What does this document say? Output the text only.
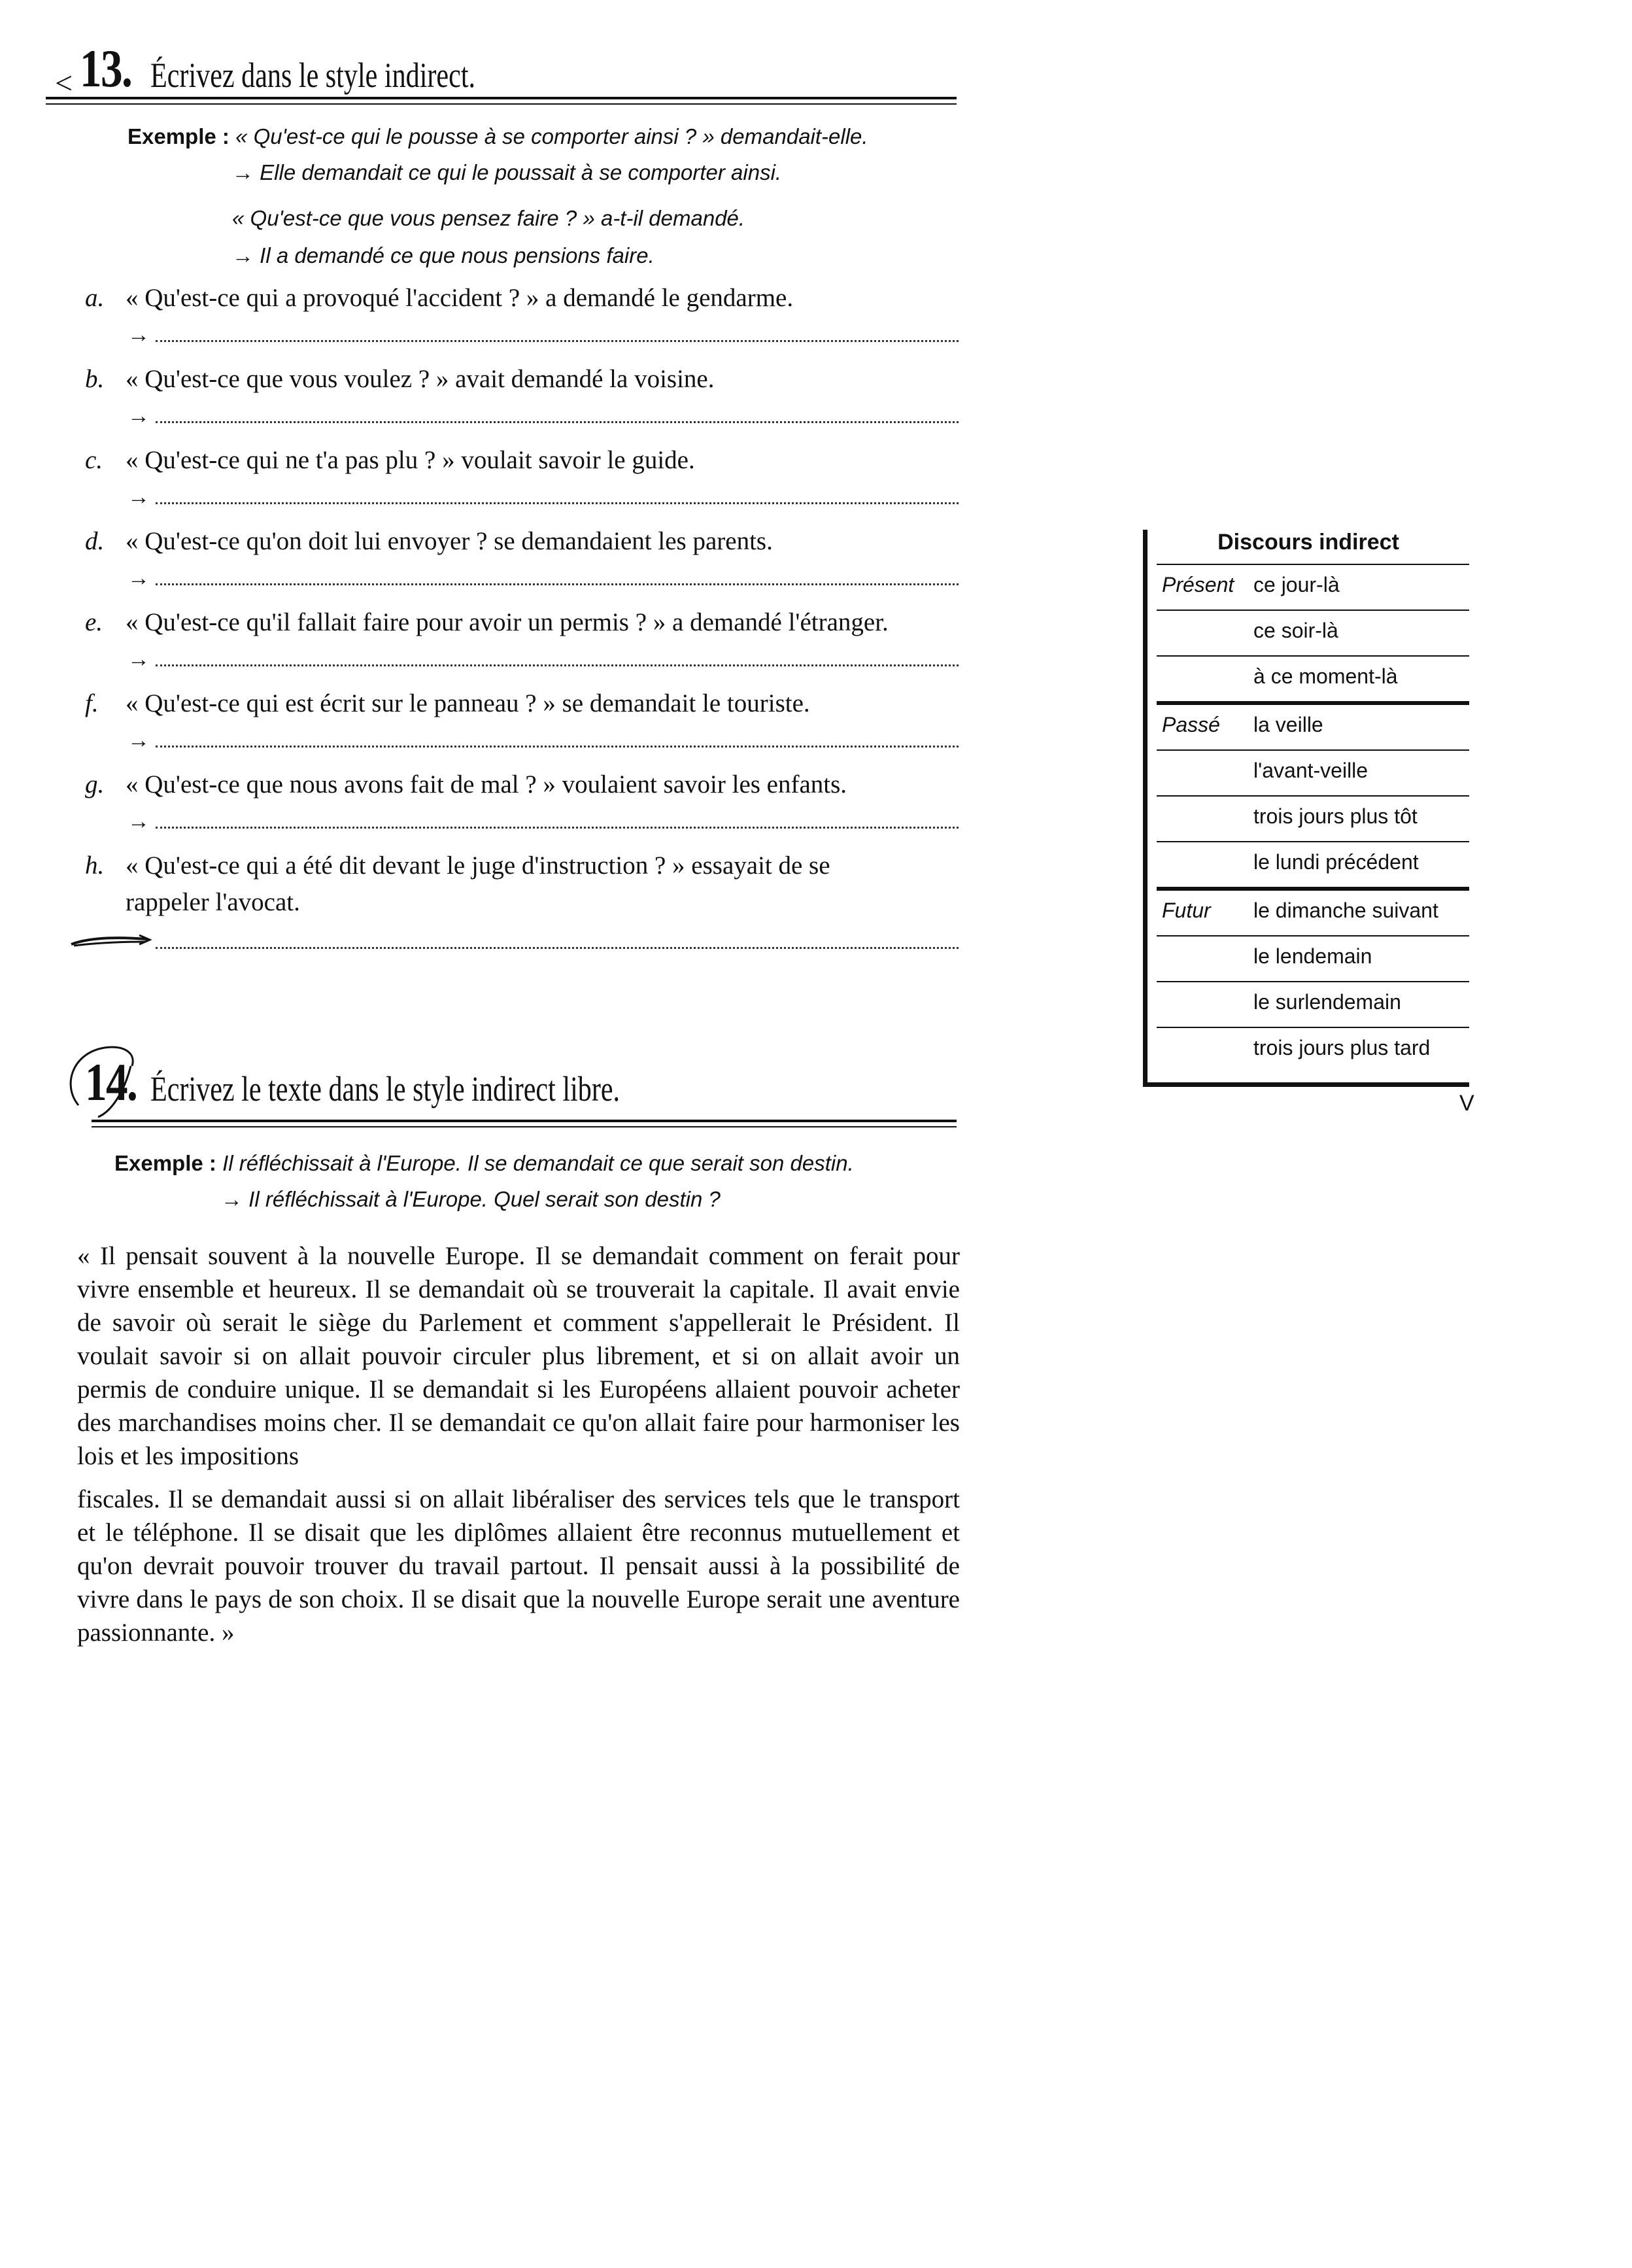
< 13. Écrivez dans le style indirect.
Exemple : « Qu'est-ce qui le pousse à se comporter ainsi ? » demandait-elle.
→ Elle demandait ce qui le poussait à se comporter ainsi.
« Qu'est-ce que vous pensez faire ? » a-t-il demandé.
→ Il a demandé ce que nous pensions faire.
a. « Qu'est-ce qui a provoqué l'accident ? » a demandé le gendarme.
→
b. « Qu'est-ce que vous voulez ? » avait demandé la voisine.
→
c. « Qu'est-ce qui ne t'a pas plu ? » voulait savoir le guide.
→
d. « Qu'est-ce qu'on doit lui envoyer ? se demandaient les parents.
→
e. « Qu'est-ce qu'il fallait faire pour avoir un permis ? » a demandé l'étranger.
→
f. « Qu'est-ce qui est écrit sur le panneau ? » se demandait le touriste.
→
g. « Qu'est-ce que nous avons fait de mal ? » voulaient savoir les enfants.
→
h. « Qu'est-ce qui a été dit devant le juge d'instruction ? » essayait de se
rappeler l'avocat.
14. Écrivez le texte dans le style indirect libre.
Exemple : Il réfléchissait à l'Europe. Il se demandait ce que serait son destin.
→ Il réfléchissait à l'Europe. Quel serait son destin ?
« Il pensait souvent à la nouvelle Europe. Il se demandait comment on ferait pour vivre ensemble et heureux. Il se demandait où se trouverait la capitale. Il avait envie de savoir où serait le siège du Parlement et comment s'appellerait le Président. Il voulait savoir si on allait pouvoir circuler plus librement, et si on allait avoir un permis de conduire unique. Il se demandait si les Européens allaient pouvoir acheter des marchandises moins cher. Il se demandait ce qu'on allait faire pour harmoniser les lois et les impositions
fiscales. Il se demandait aussi si on allait libéraliser des services tels que le transport et le téléphone. Il se disait que les diplômes allaient être reconnus mutuellement et qu'on devrait pouvoir trouver du travail partout. Il pensait aussi à la possibilité de vivre dans le pays de son choix. Il se disait que la nouvelle Europe serait une aventure passionnante. »
Discours indirect
Présent ce jour-là
ce soir-là
à ce moment-là
Passé la veille
l'avant-veille
trois jours plus tôt
le lundi précédent
Futur le dimanche suivant
le lendemain
le surlendemain
trois jours plus tard
V
